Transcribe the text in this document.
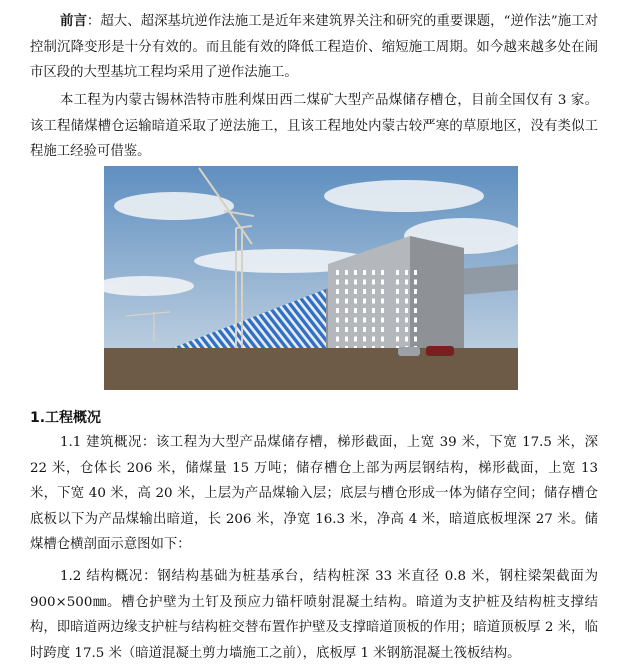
前言：超大、超深基坑逆作法施工是近年来建筑界关注和研究的重要课题，“逆作法”施工对控制沉降变形是十分有效的。而且能有效的降低工程造价、缩短施工周期。如今越来越多处在闹市区段的大型基坑工程均采用了逆作法施工。

本工程为内蒙古锡林浩特市胜利煤田西二煤矿大型产品煤储存槽仓，目前全国仅有 3 家。该工程储煤槽仓运输暗道采取了逆法施工，且该工程地处内蒙古较严寒的草原地区，没有类似工程施工经验可借鉴。

1.工程概况

1.1 建筑概况：该工程为大型产品煤储存槽，梯形截面，上宽 39 米，下宽 17.5 米，深 22 米，仓体长 206 米，储煤量 15 万吨；储存槽仓上部为两层钢结构，梯形截面，上宽 13 米，下宽 40 米，高 20 米，上层为产品煤输入层；底层与槽仓形成一体为储存空间；储存槽仓底板以下为产品煤输出暗道，长 206 米，净宽 16.3 米，净高 4 米，暗道底板埋深 27 米。储煤槽仓横剖面示意图如下：

1.2 结构概况：钢结构基础为桩基承台，结构桩深 33 米直径 0.8 米，钢柱梁架截面为 900×500㎜。槽仓护壁为土钉及预应力锚杆喷射混凝土结构。暗道为支护桩及结构桩支撑结构，即暗道两边缘支护桩与结构桩交替布置作护壁及支撑暗道顶板的作用；暗道顶板厚 2 米，临时跨度 17.5 米（暗道混凝土剪力墙施工之前），底板厚 1 米钢筋混凝土筏板结构。
